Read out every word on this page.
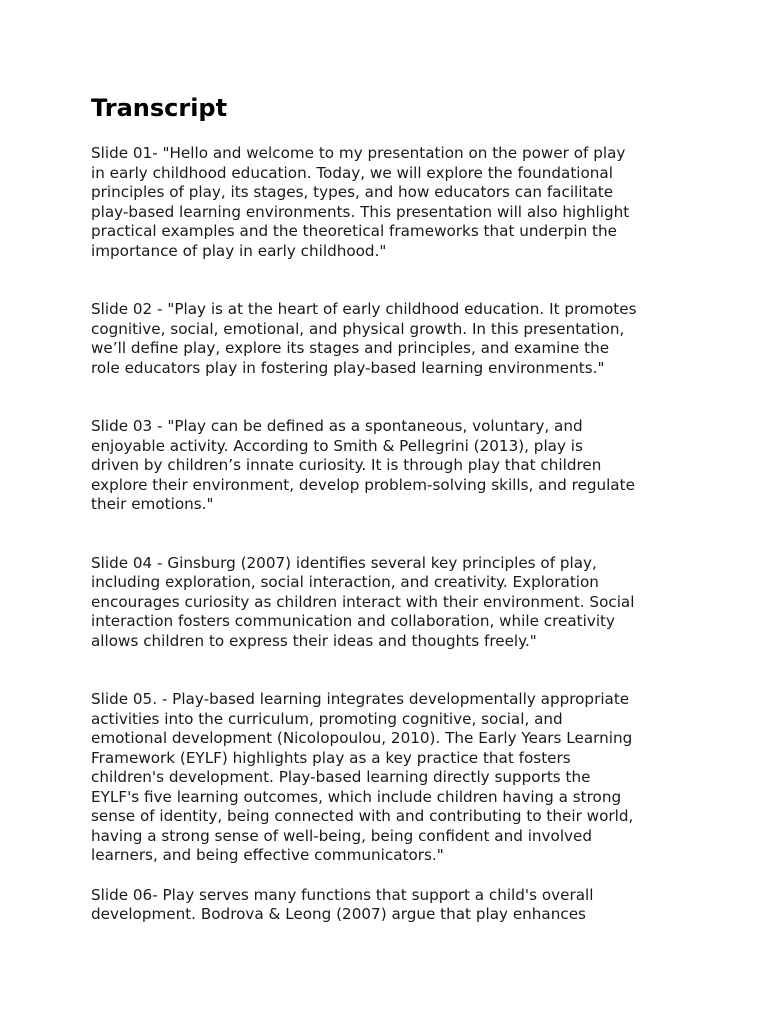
Transcript

Slide 01- "Hello and welcome to my presentation on the power of play
in early childhood education. Today, we will explore the foundational
principles of play, its stages, types, and how educators can facilitate
play-based learning environments. This presentation will also highlight
practical examples and the theoretical frameworks that underpin the
importance of play in early childhood."

Slide 02 - "Play is at the heart of early childhood education. It promotes
cognitive, social, emotional, and physical growth. In this presentation,
we’ll define play, explore its stages and principles, and examine the
role educators play in fostering play-based learning environments."

Slide 03 - "Play can be defined as a spontaneous, voluntary, and
enjoyable activity. According to Smith & Pellegrini (2013), play is
driven by children’s innate curiosity. It is through play that children
explore their environment, develop problem-solving skills, and regulate
their emotions."

Slide 04 - Ginsburg (2007) identifies several key principles of play,
including exploration, social interaction, and creativity. Exploration
encourages curiosity as children interact with their environment. Social
interaction fosters communication and collaboration, while creativity
allows children to express their ideas and thoughts freely."

Slide 05. - Play-based learning integrates developmentally appropriate
activities into the curriculum, promoting cognitive, social, and
emotional development (Nicolopoulou, 2010). The Early Years Learning
Framework (EYLF) highlights play as a key practice that fosters
children's development. Play-based learning directly supports the
EYLF's five learning outcomes, which include children having a strong
sense of identity, being connected with and contributing to their world,
having a strong sense of well-being, being confident and involved
learners, and being effective communicators."

Slide 06- Play serves many functions that support a child's overall
development. Bodrova & Leong (2007) argue that play enhances
